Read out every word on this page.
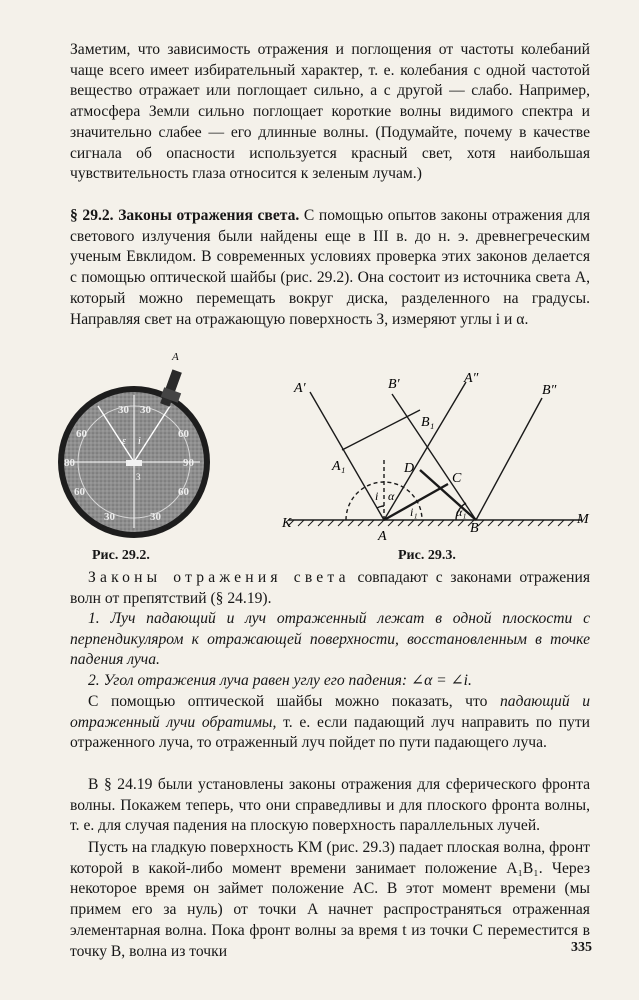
Заметим, что зависимость отражения и поглощения от частоты колебаний чаще всего имеет избирательный характер, т. е. колебания с одной частотой вещество отражает или поглощает сильно, а с другой — слабо. Например, атмосфера Земли сильно поглощает короткие волны видимого спектра и значительно слабее — его длинные волны. (Подумайте, почему в качестве сигнала об опасности используется красный свет, хотя наибольшая чувствительность глаза относится к зеленым лучам.)

§ 29.2. Законы отражения света. С помощью опытов законы отражения для светового излучения были найдены еще в III в. до н. э. древнегреческим ученым Евклидом. В современных условиях проверка этих законов делается с помощью оптической шайбы (рис. 29.2). Она состоит из источника света A, который можно перемещать вокруг диска, разделенного на градусы. Направляя свет на отражающую поверхность З, измеряют углы i и α.

A
30 30
60	60
90
80
60	60
30	30
ε i
3
A′	B′	A″
B″
B₁
A₁	D
C
K	M
A
B
i α
i₁	α₁
Рис. 29.2.	Рис. 29.3.

Законы отражения света совпадают с законами отражения волн от препятствий (§ 24.19).

1. Луч падающий и луч отраженный лежат в одной плоскости с перпендикуляром к отражающей поверхности, восстановленным в точке падения луча.

2. Угол отражения луча равен углу его падения: ∠α = ∠i.

С помощью оптической шайбы можно показать, что падающий и отраженный лучи обратимы, т. е. если падающий луч направить по пути отраженного луча, то отраженный луч пойдет по пути падающего луча.

В § 24.19 были установлены законы отражения для сферического фронта волны. Покажем теперь, что они справедливы и для плоского фронта волны, т. е. для случая падения на плоскую поверхность параллельных лучей.

Пусть на гладкую поверхность KM (рис. 29.3) падает плоская волна, фронт которой в какой-либо момент времени занимает положение A₁B₁. Через некоторое время он займет положение AC. В этот момент времени (мы примем его за нуль) от точки A начнет распространяться отраженная элементарная волна. Пока фронт волны за время t из точки C переместится в точку B, волна из точки	335
